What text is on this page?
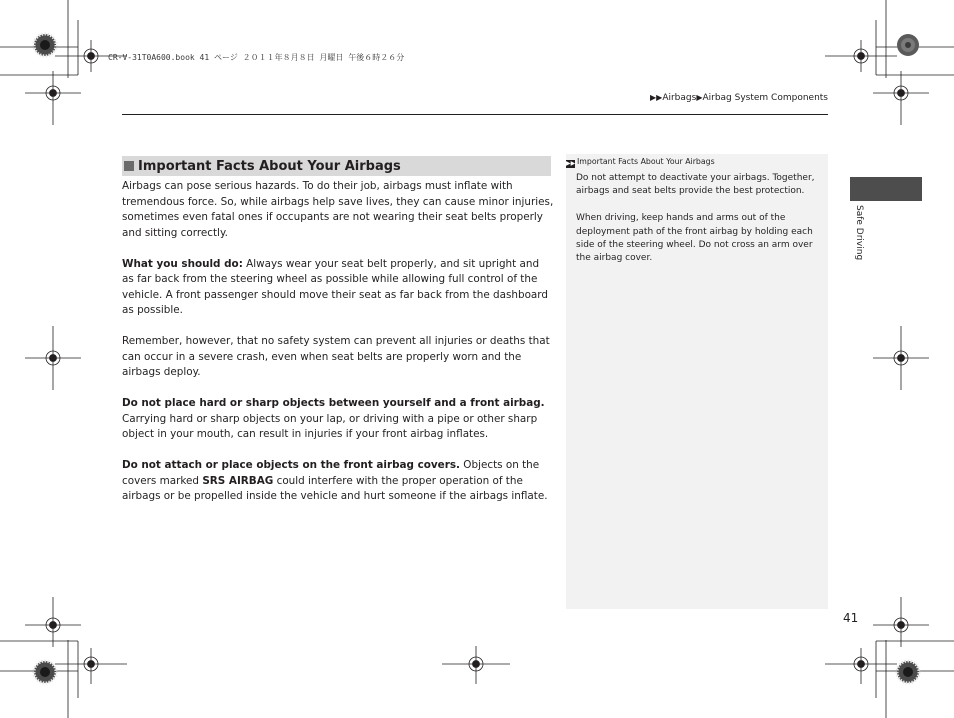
CR-V-31T0A600.book 41 ページ ２０１１年８月８日 月曜日 午後６時２６分
▶▶Airbags▶Airbag System Components
Important Facts About Your Airbags

Airbags can pose serious hazards. To do their job, airbags must inflate with tremendous force. So, while airbags help save lives, they can cause minor injuries, sometimes even fatal ones if occupants are not wearing their seat belts properly and sitting correctly.

What you should do: Always wear your seat belt properly, and sit upright and as far back from the steering wheel as possible while allowing full control of the vehicle. A front passenger should move their seat as far back from the dashboard as possible.

Remember, however, that no safety system can prevent all injuries or deaths that can occur in a severe crash, even when seat belts are properly worn and the airbags deploy.

Do not place hard or sharp objects between yourself and a front airbag.
Carrying hard or sharp objects on your lap, or driving with a pipe or other sharp object in your mouth, can result in injuries if your front airbag inflates.

Do not attach or place objects on the front airbag covers. Objects on the covers marked SRS AIRBAG could interfere with the proper operation of the airbags or be propelled inside the vehicle and hurt someone if the airbags inflate.

▶▶ Important Facts About Your Airbags

Do not attempt to deactivate your airbags. Together, airbags and seat belts provide the best protection.

When driving, keep hands and arms out of the deployment path of the front airbag by holding each side of the steering wheel. Do not cross an arm over the airbag cover.	Safe Driving
41
